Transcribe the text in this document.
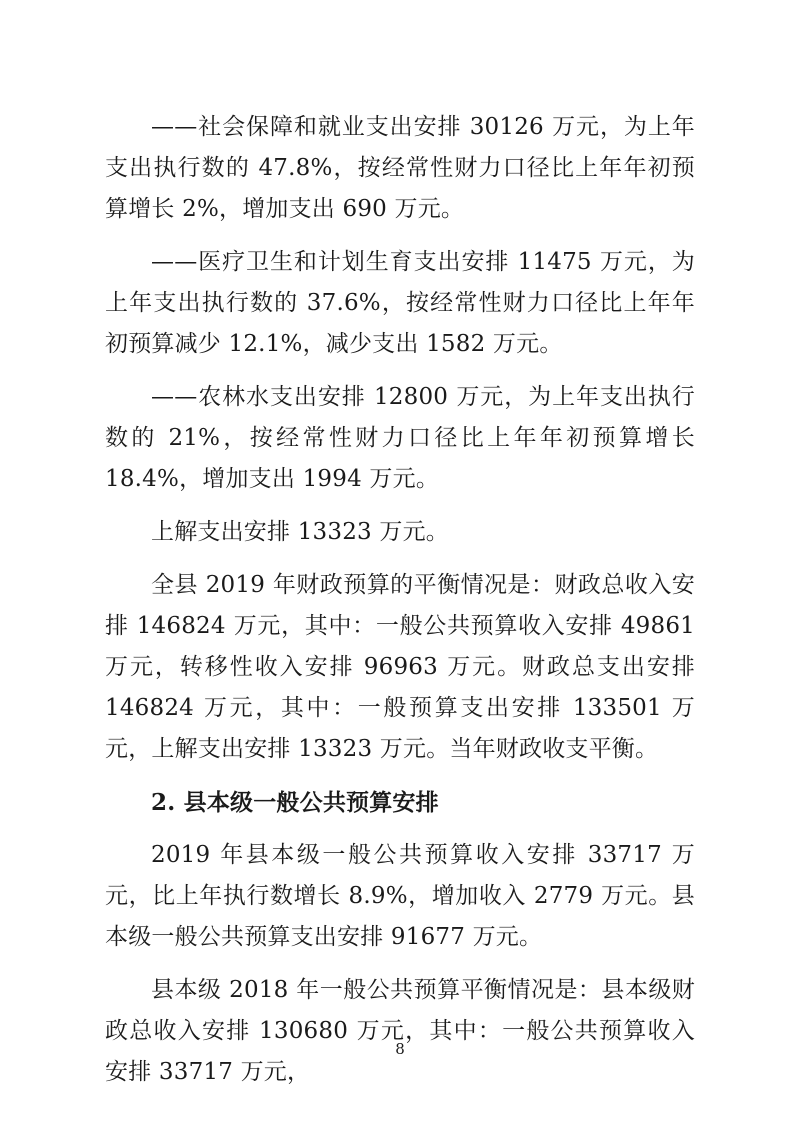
——社会保障和就业支出安排 30126 万元，为上年支出执行数的 47.8%，按经常性财力口径比上年年初预算增长 2%，增加支出 690 万元。

——医疗卫生和计划生育支出安排 11475 万元，为上年支出执行数的 37.6%，按经常性财力口径比上年年初预算减少 12.1%，减少支出 1582 万元。

——农林水支出安排 12800 万元，为上年支出执行数的 21%，按经常性财力口径比上年年初预算增长 18.4%，增加支出 1994 万元。

上解支出安排 13323 万元。

全县 2019 年财政预算的平衡情况是：财政总收入安排 146824 万元，其中：一般公共预算收入安排 49861 万元，转移性收入安排 96963 万元。财政总支出安排 146824 万元，其中：一般预算支出安排 133501 万元，上解支出安排 13323 万元。当年财政收支平衡。

2. 县本级一般公共预算安排

2019 年县本级一般公共预算收入安排 33717 万元，比上年执行数增长 8.9%，增加收入 2779 万元。县本级一般公共预算支出安排 91677 万元。

县本级 2018 年一般公共预算平衡情况是：县本级财政总收入安排 130680 万元，其中：一般公共预算收入安排 33717 万元，

8
